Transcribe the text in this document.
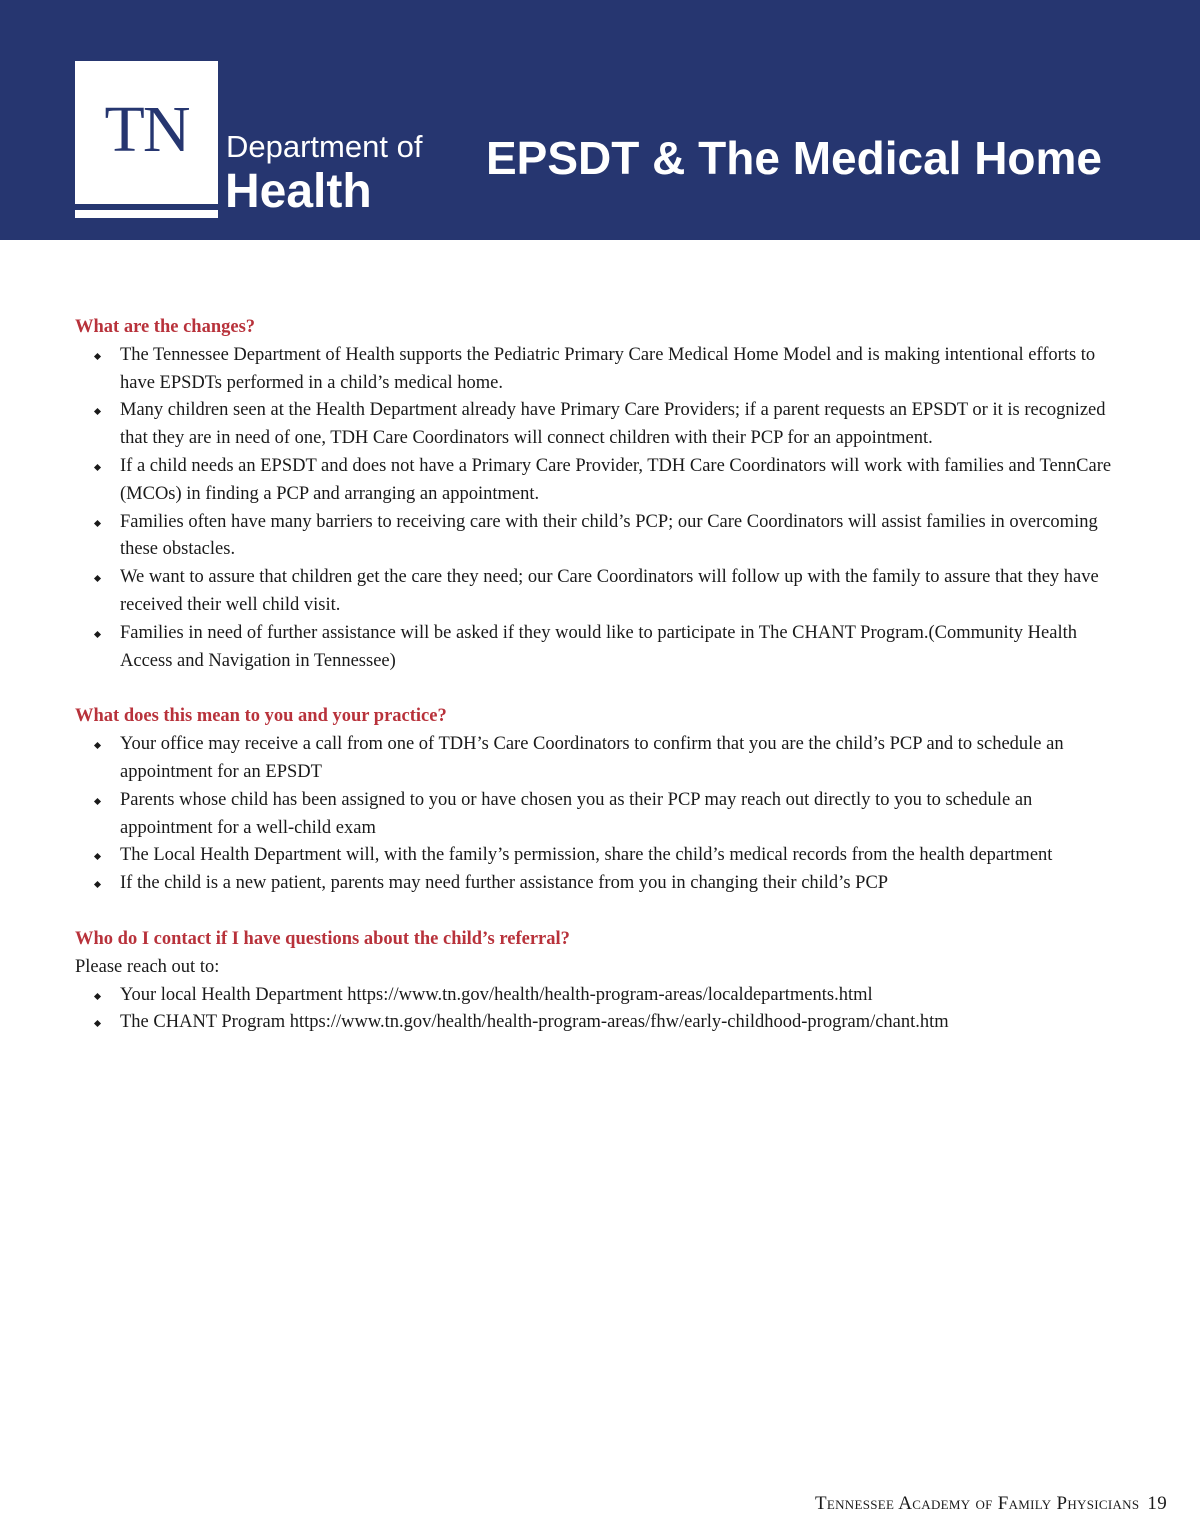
TN	Department of
Health
EPSDT & The Medical Home

What are the changes?

The Tennessee Department of Health supports the Pediatric Primary Care Medical Home Model and is making intentional efforts to have EPSDTs performed in a child’s medical home.
Many children seen at the Health Department already have Primary Care Providers; if a parent requests an EPSDT or it is recognized that they are in need of one, TDH Care Coordinators will connect children with their PCP for an appointment.
If a child needs an EPSDT and does not have a Primary Care Provider, TDH Care Coordinators will work with families and TennCare (MCOs) in finding a PCP and arranging an appointment.
Families often have many barriers to receiving care with their child’s PCP; our Care Coordinators will assist families in overcoming these obstacles.
We want to assure that children get the care they need; our Care Coordinators will follow up with the family to assure that they have received their well child visit.
Families in need of further assistance will be asked if they would like to participate in The CHANT Program.(Community Health Access and Navigation in Tennessee)

What does this mean to you and your practice?

Your office may receive a call from one of TDH’s Care Coordinators to confirm that you are the child’s PCP and to schedule an appointment for an EPSDT
Parents whose child has been assigned to you or have chosen you as their PCP may reach out directly to you to schedule an appointment for a well-child exam
The Local Health Department will, with the family’s permission, share the child’s medical records from the health department
If the child is a new patient, parents may need further assistance from you in changing their child’s PCP

Who do I contact if I have questions about the child’s referral?

Please reach out to:

Your local Health Department https://www.tn.gov/health/health-program-areas/localdepartments.html
The CHANT Program https://www.tn.gov/health/health-program-areas/fhw/early-childhood-program/chant.htm
Tennessee Academy of Family Physicians 19
